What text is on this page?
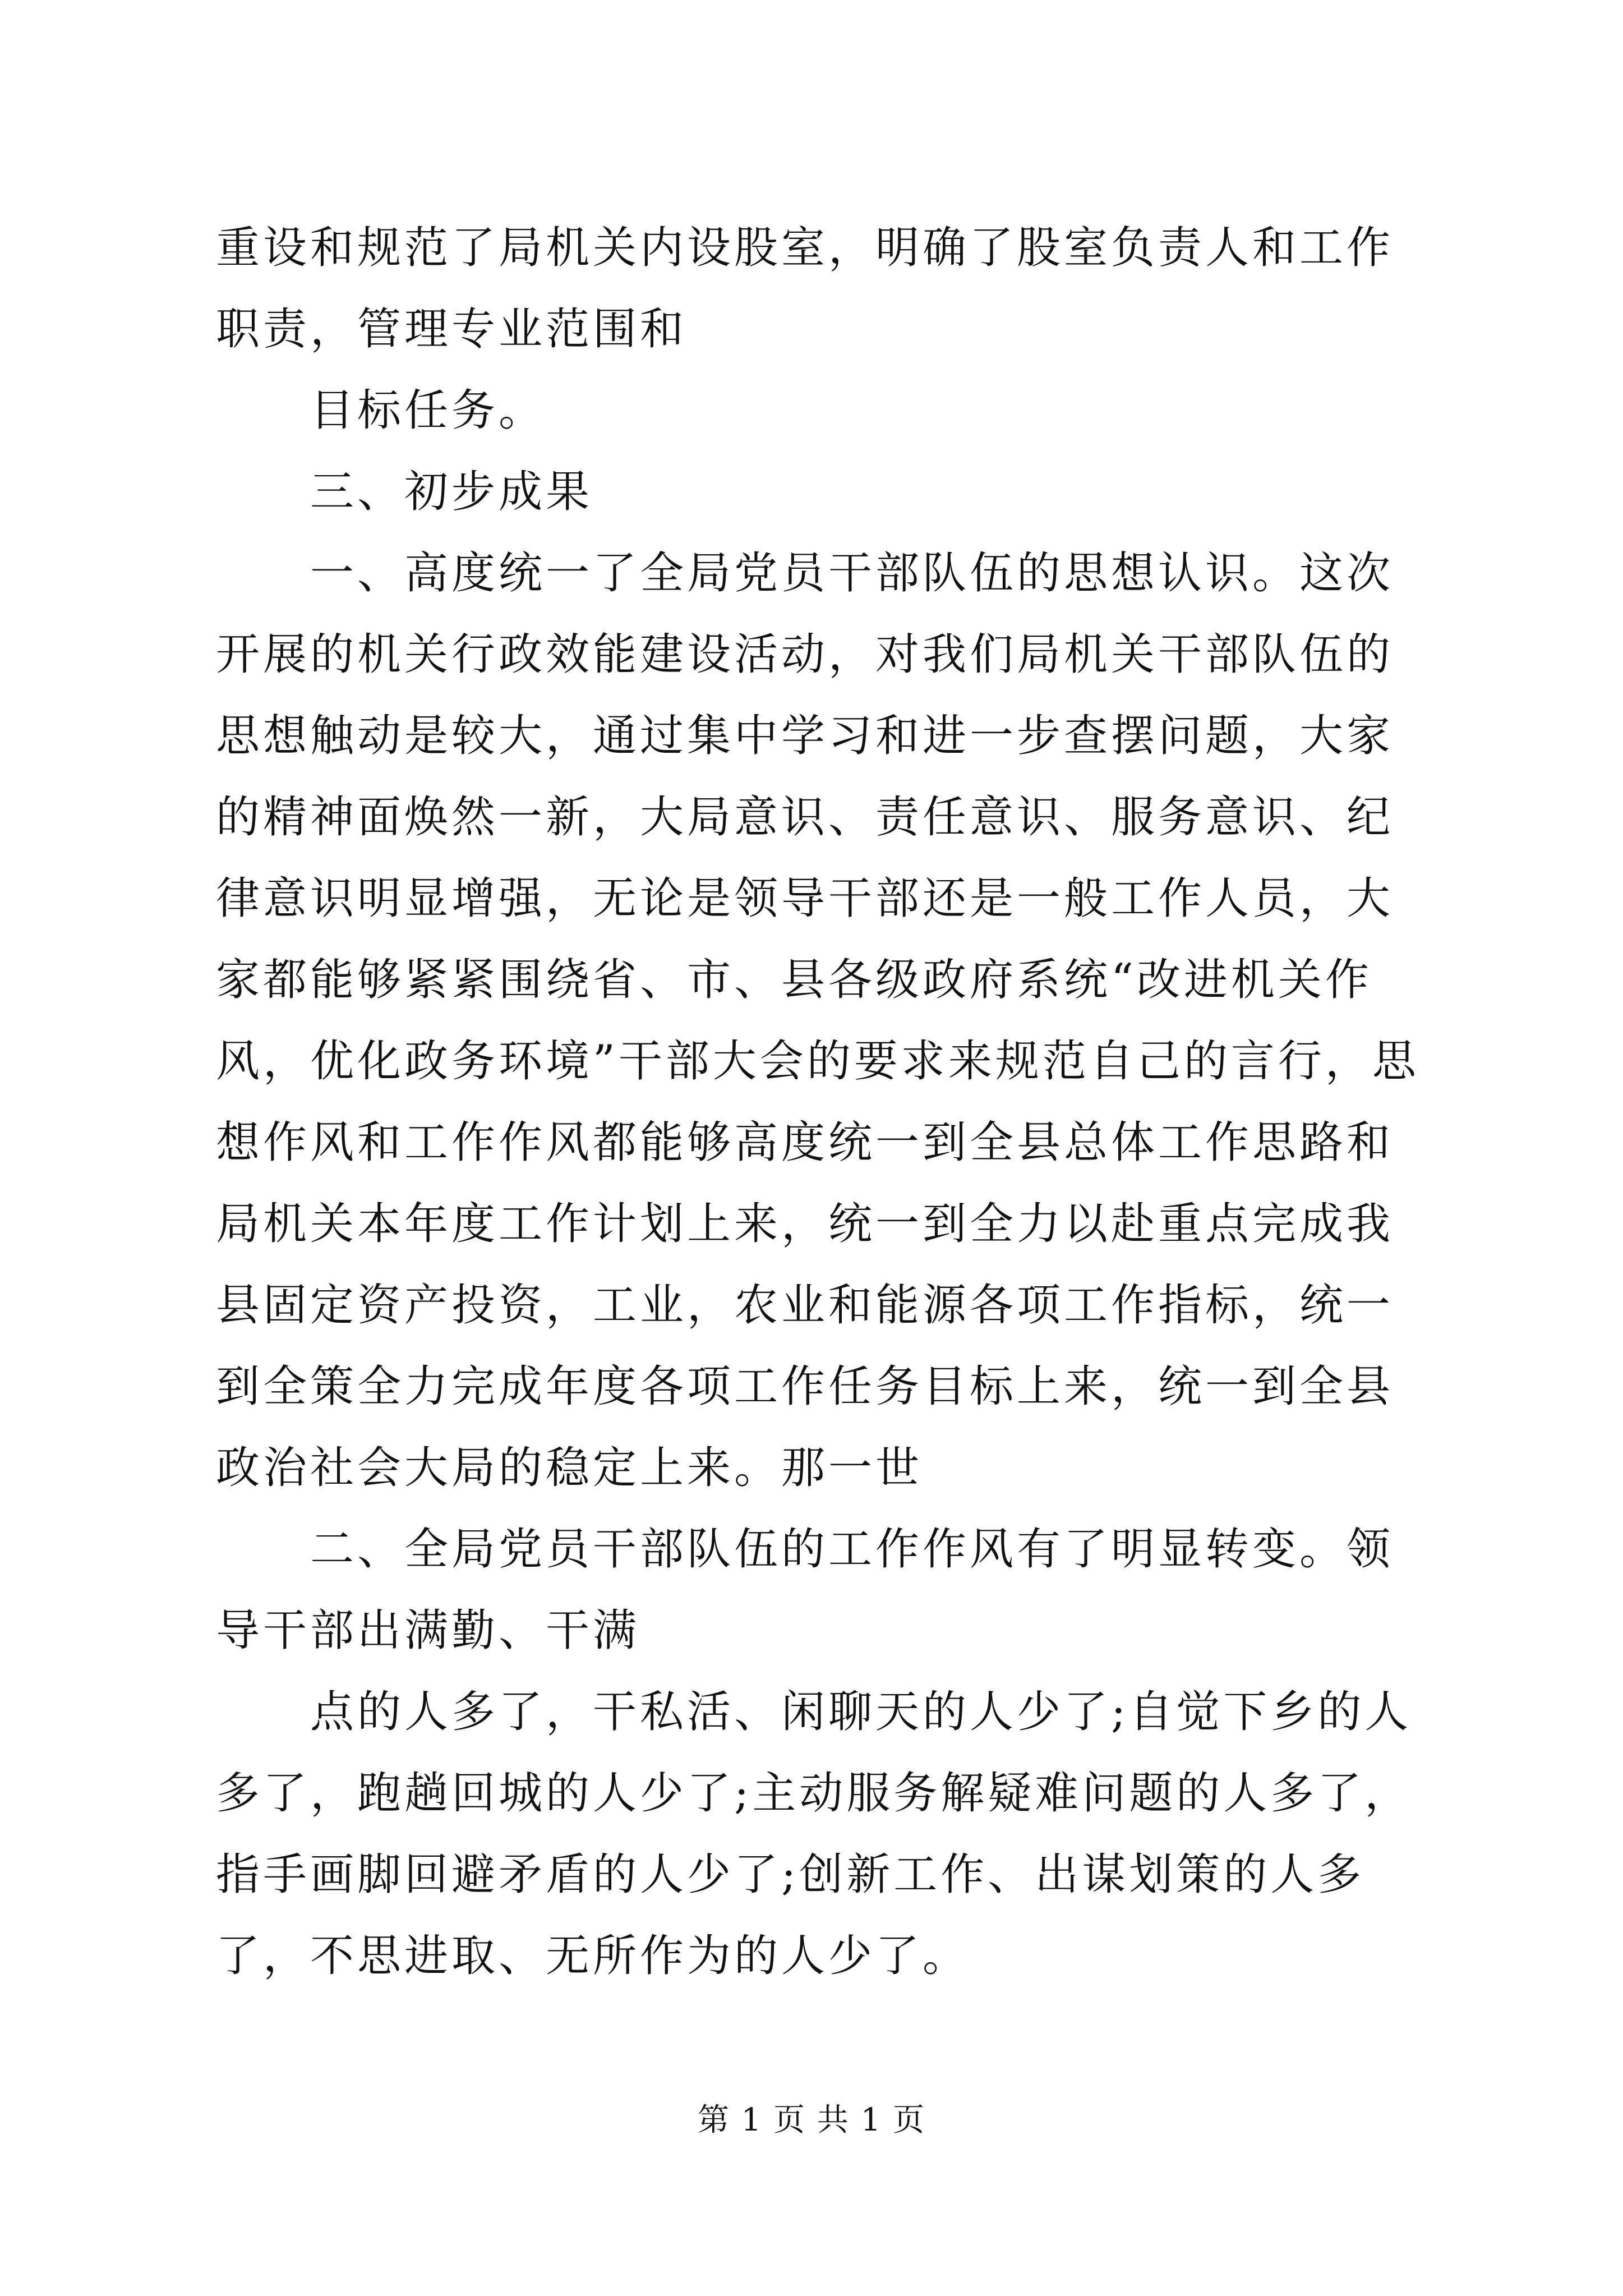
重设和规范了局机关内设股室，明确了股室负责人和工作职责，管理专业范围和

目标任务。

三、初步成果

一、高度统一了全局党员干部队伍的思想认识。这次开展的机关行政效能建设活动，对我们局机关干部队伍的思想触动是较大，通过集中学习和进一步查摆问题，大家的精神面焕然一新，大局意识、责任意识、服务意识、纪律意识明显增强，无论是领导干部还是一般工作人员，大家都能够紧紧围绕省、市、县各级政府系统“改进机关作风，优化政务环境”干部大会的要求来规范自己的言行，思想作风和工作作风都能够高度统一到全县总体工作思路和局机关本年度工作计划上来，统一到全力以赴重点完成我县固定资产投资，工业，农业和能源各项工作指标，统一到全策全力完成年度各项工作任务目标上来，统一到全县政治社会大局的稳定上来。那一世

二、全局党员干部队伍的工作作风有了明显转变。领导干部出满勤、干满

点的人多了，干私活、闲聊天的人少了;自觉下乡的人多了，跑趟回城的人少了;主动服务解疑难问题的人多了，指手画脚回避矛盾的人少了;创新工作、出谋划策的人多了，不思进取、无所作为的人少了。

第 1 页 共 1 页
